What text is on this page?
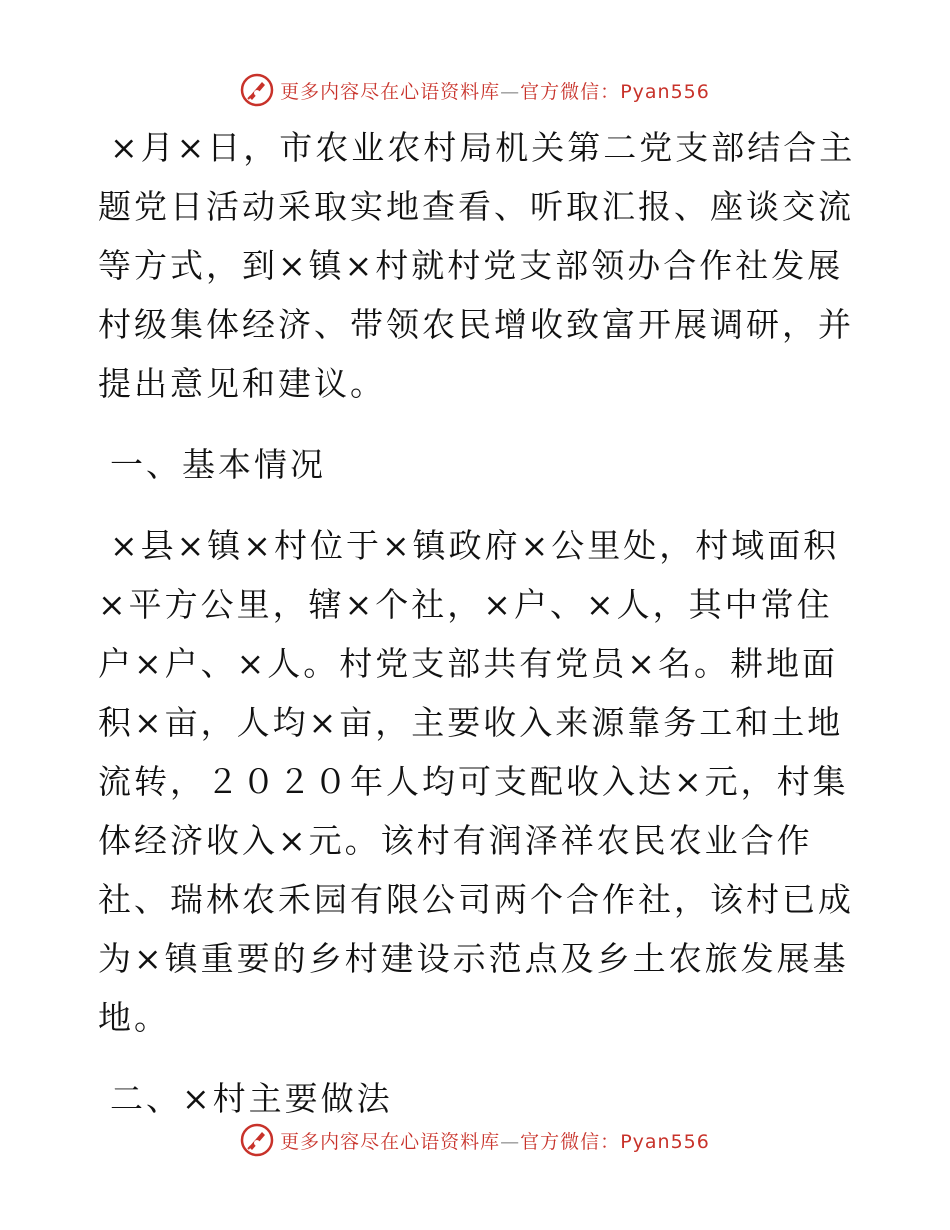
更多内容尽在心语资料库—官方微信：Pyan556

×月×日，市农业农村局机关第二党支部结合主题党日活动采取实地查看、听取汇报、座谈交流等方式，到×镇×村就村党支部领办合作社发展村级集体经济、带领农民增收致富开展调研，并提出意见和建议。

一、基本情况

×县×镇×村位于×镇政府×公里处，村域面积×平方公里，辖×个社，×户、×人，其中常住户×户、×人。村党支部共有党员×名。耕地面积×亩，人均×亩，主要收入来源靠务工和土地流转，２０２０年人均可支配收入达×元，村集体经济收入×元。该村有润泽祥农民农业合作社、瑞林农禾园有限公司两个合作社，该村已成为×镇重要的乡村建设示范点及乡土农旅发展基地。

二、×村主要做法

更多内容尽在心语资料库—官方微信：Pyan556
